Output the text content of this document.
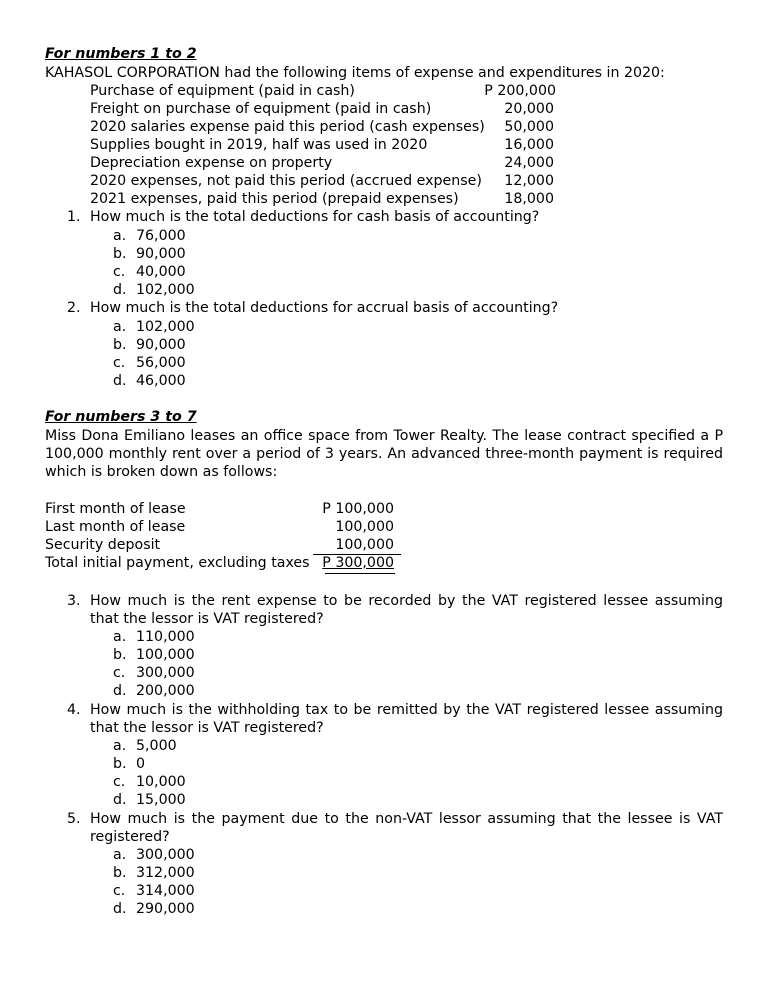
For numbers 1 to 2
KAHASOL CORPORATION had the following items of expense and expenditures in 2020:
Purchase of equipment (paid in cash)	P 200,000
Freight on purchase of equipment (paid in cash)	20,000
2020 salaries expense paid this period (cash expenses) 50,000
Supplies bought in 2019, half was used in 2020	16,000
Depreciation expense on property	24,000
2020 expenses, not paid this period (accrued expense) 12,000
2021 expenses, paid this period (prepaid expenses)	18,000
1. How much is the total deductions for cash basis of accounting?
a. 76,000
b. 90,000
c. 40,000
d. 102,000
2. How much is the total deductions for accrual basis of accounting?
a. 102,000
b. 90,000
c. 56,000
d. 46,000
For numbers 3 to 7
Miss Dona Emiliano leases an office space from Tower Realty. The lease contract specified a P 100,000 monthly rent over a period of 3 years. An advanced three-month payment is required which is broken down as follows:
First month of lease	P 100,000
Last month of lease	100,000
Security deposit	100,000
Total initial payment, excluding taxes P 300,000
3. How much is the rent expense to be recorded by the VAT registered lessee assuming that the lessor is VAT registered?
a. 110,000
b. 100,000
c. 300,000
d. 200,000
4. How much is the withholding tax to be remitted by the VAT registered lessee assuming that the lessor is VAT registered?
a. 5,000
b. 0
c. 10,000
d. 15,000
5. How much is the payment due to the non-VAT lessor assuming that the lessee is VAT registered?
a. 300,000
b. 312,000
c. 314,000
d. 290,000
